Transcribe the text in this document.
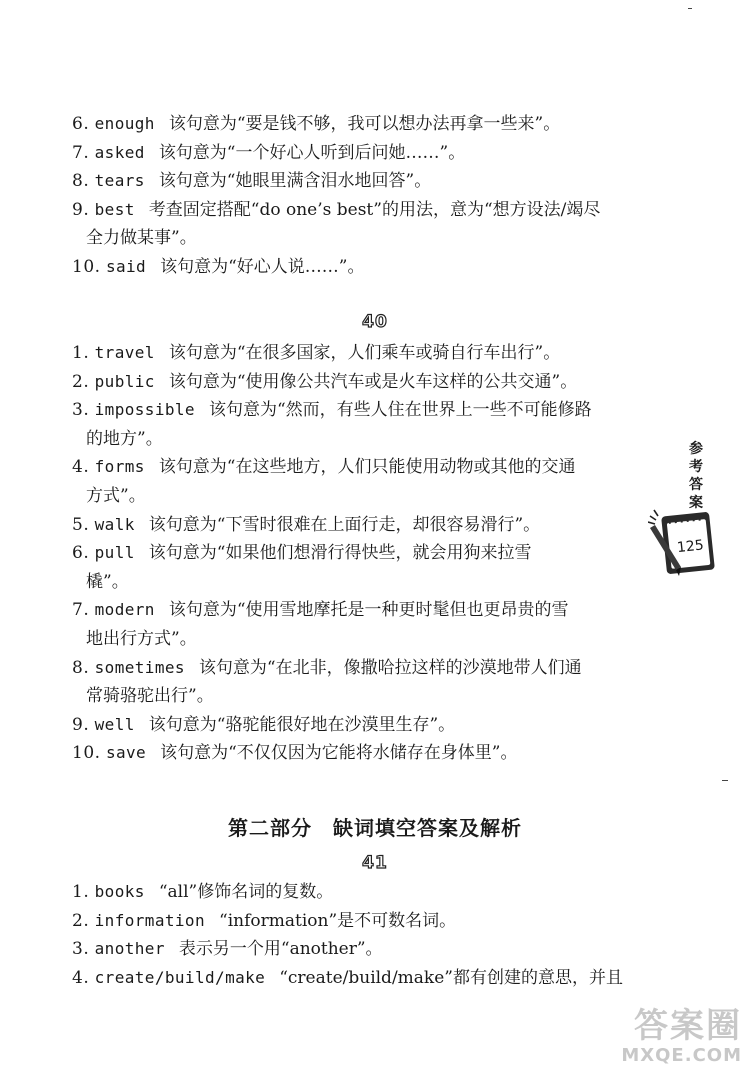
6. enough 该句意为“要是钱不够，我可以想办法再拿一些来”。
7. asked 该句意为“一个好心人听到后问她……”。
8. tears 该句意为“她眼里满含泪水地回答”。
9. best 考查固定搭配“do one’s best”的用法，意为“想方设法/竭尽
全力做某事”。
10. said 该句意为“好心人说……”。
40
1. travel 该句意为“在很多国家，人们乘车或骑自行车出行”。
2. public 该句意为“使用像公共汽车或是火车这样的公共交通”。
3. impossible 该句意为“然而，有些人住在世界上一些不可能修路
的地方”。
4. forms 该句意为“在这些地方，人们只能使用动物或其他的交通
方式”。
5. walk 该句意为“下雪时很难在上面行走，却很容易滑行”。
6. pull 该句意为“如果他们想滑行得快些，就会用狗来拉雪
橇”。
7. modern 该句意为“使用雪地摩托是一种更时髦但也更昂贵的雪
地出行方式”。
8. sometimes 该句意为“在北非，像撒哈拉这样的沙漠地带人们通
常骑骆驼出行”。
9. well 该句意为“骆驼能很好地在沙漠里生存”。
10. save 该句意为“不仅仅因为它能将水储存在身体里”。
第二部分　缺词填空答案及解析
41
1. books “all”修饰名词的复数。
2. information “information”是不可数名词。
3. another 表示另一个用“another”。
4. create/build/make “create/build/make”都有创建的意思，并且
参
考
答
案
125
答案圈
MXQE.COM
